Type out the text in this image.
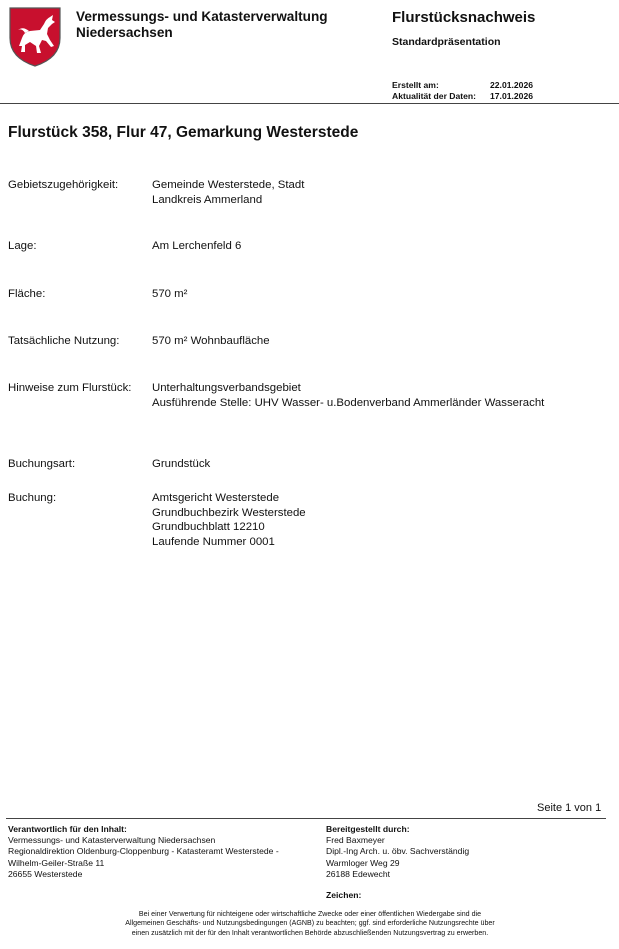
Vermessungs- und Katasterverwaltung
Niedersachsen
Flurstücksnachweis
Standardpräsentation
Erstellt am:	22.01.2026
Aktualität der Daten:	17.01.2026
Flurstück 358, Flur 47, Gemarkung Westerstede
Gebietszugehörigkeit:	Gemeinde Westerstede, Stadt
Landkreis Ammerland
Lage:	Am Lerchenfeld 6
Fläche:	570 m²
Tatsächliche Nutzung:	570 m² Wohnbaufläche
Hinweise zum Flurstück:	Unterhaltungsverbandsgebiet
Ausführende Stelle: UHV Wasser- u.Bodenverband Ammerländer Wasseracht
Buchungsart:	Grundstück
Buchung:	Amtsgericht Westerstede
Grundbuchbezirk Westerstede
Grundbuchblatt 12210
Laufende Nummer 0001
Seite 1 von 1
Verantwortlich für den Inhalt:
Vermessungs- und Katasterverwaltung Niedersachsen
Regionaldirektion Oldenburg-Cloppenburg - Katasteramt Westerstede -
Wilhelm-Geiler-Straße 11
26655 Westerstede
Bereitgestellt durch:
Fred Baxmeyer
Dipl.-Ing Arch. u. öbv. Sachverständig
Warmloger Weg 29
26188 Edewecht
Zeichen:
Bei einer Verwertung für nichteigene oder wirtschaftliche Zwecke oder einer öffentlichen Wiedergabe sind die
Allgemeinen Geschäfts- und Nutzungsbedingungen (AGNB) zu beachten; ggf. sind erforderliche Nutzungsrechte über
einen zusätzlich mit der für den Inhalt verantwortlichen Behörde abzuschließenden Nutzungsvertrag zu erwerben.
